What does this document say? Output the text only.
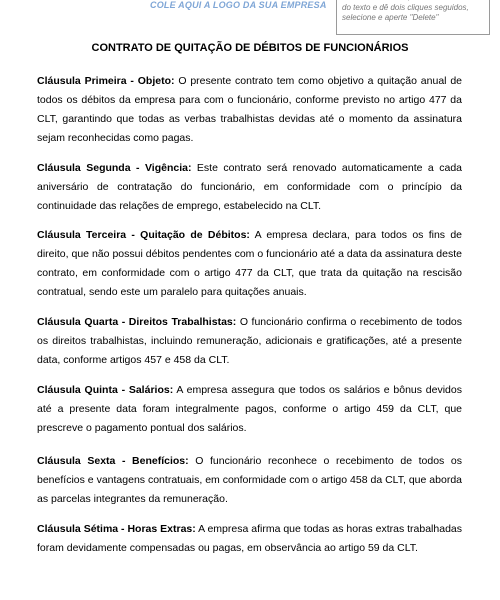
COLE AQUI A LOGO DA SUA EMPRESA do texto e dê dois cliques seguidos, selecione e aperte "Delete"
CONTRATO DE QUITAÇÃO DE DÉBITOS DE FUNCIONÁRIOS

Cláusula Primeira - Objeto: O presente contrato tem como objetivo a quitação anual de todos os débitos da empresa para com o funcionário, conforme previsto no artigo 477 da CLT, garantindo que todas as verbas trabalhistas devidas até o momento da assinatura sejam reconhecidas como pagas.

Cláusula Segunda - Vigência: Este contrato será renovado automaticamente a cada aniversário de contratação do funcionário, em conformidade com o princípio da continuidade das relações de emprego, estabelecido na CLT.

Cláusula Terceira - Quitação de Débitos: A empresa declara, para todos os fins de direito, que não possui débitos pendentes com o funcionário até a data da assinatura deste contrato, em conformidade com o artigo 477 da CLT, que trata da quitação na rescisão contratual, sendo este um paralelo para quitações anuais.

Cláusula Quarta - Direitos Trabalhistas: O funcionário confirma o recebimento de todos os direitos trabalhistas, incluindo remuneração, adicionais e gratificações, até a presente data, conforme artigos 457 e 458 da CLT.

Cláusula Quinta - Salários: A empresa assegura que todos os salários e bônus devidos até a presente data foram integralmente pagos, conforme o artigo 459 da CLT, que prescreve o pagamento pontual dos salários.

Cláusula Sexta - Benefícios: O funcionário reconhece o recebimento de todos os benefícios e vantagens contratuais, em conformidade com o artigo 458 da CLT, que aborda as parcelas integrantes da remuneração.

Cláusula Sétima - Horas Extras: A empresa afirma que todas as horas extras trabalhadas foram devidamente compensadas ou pagas, em observância ao artigo 59 da CLT.
